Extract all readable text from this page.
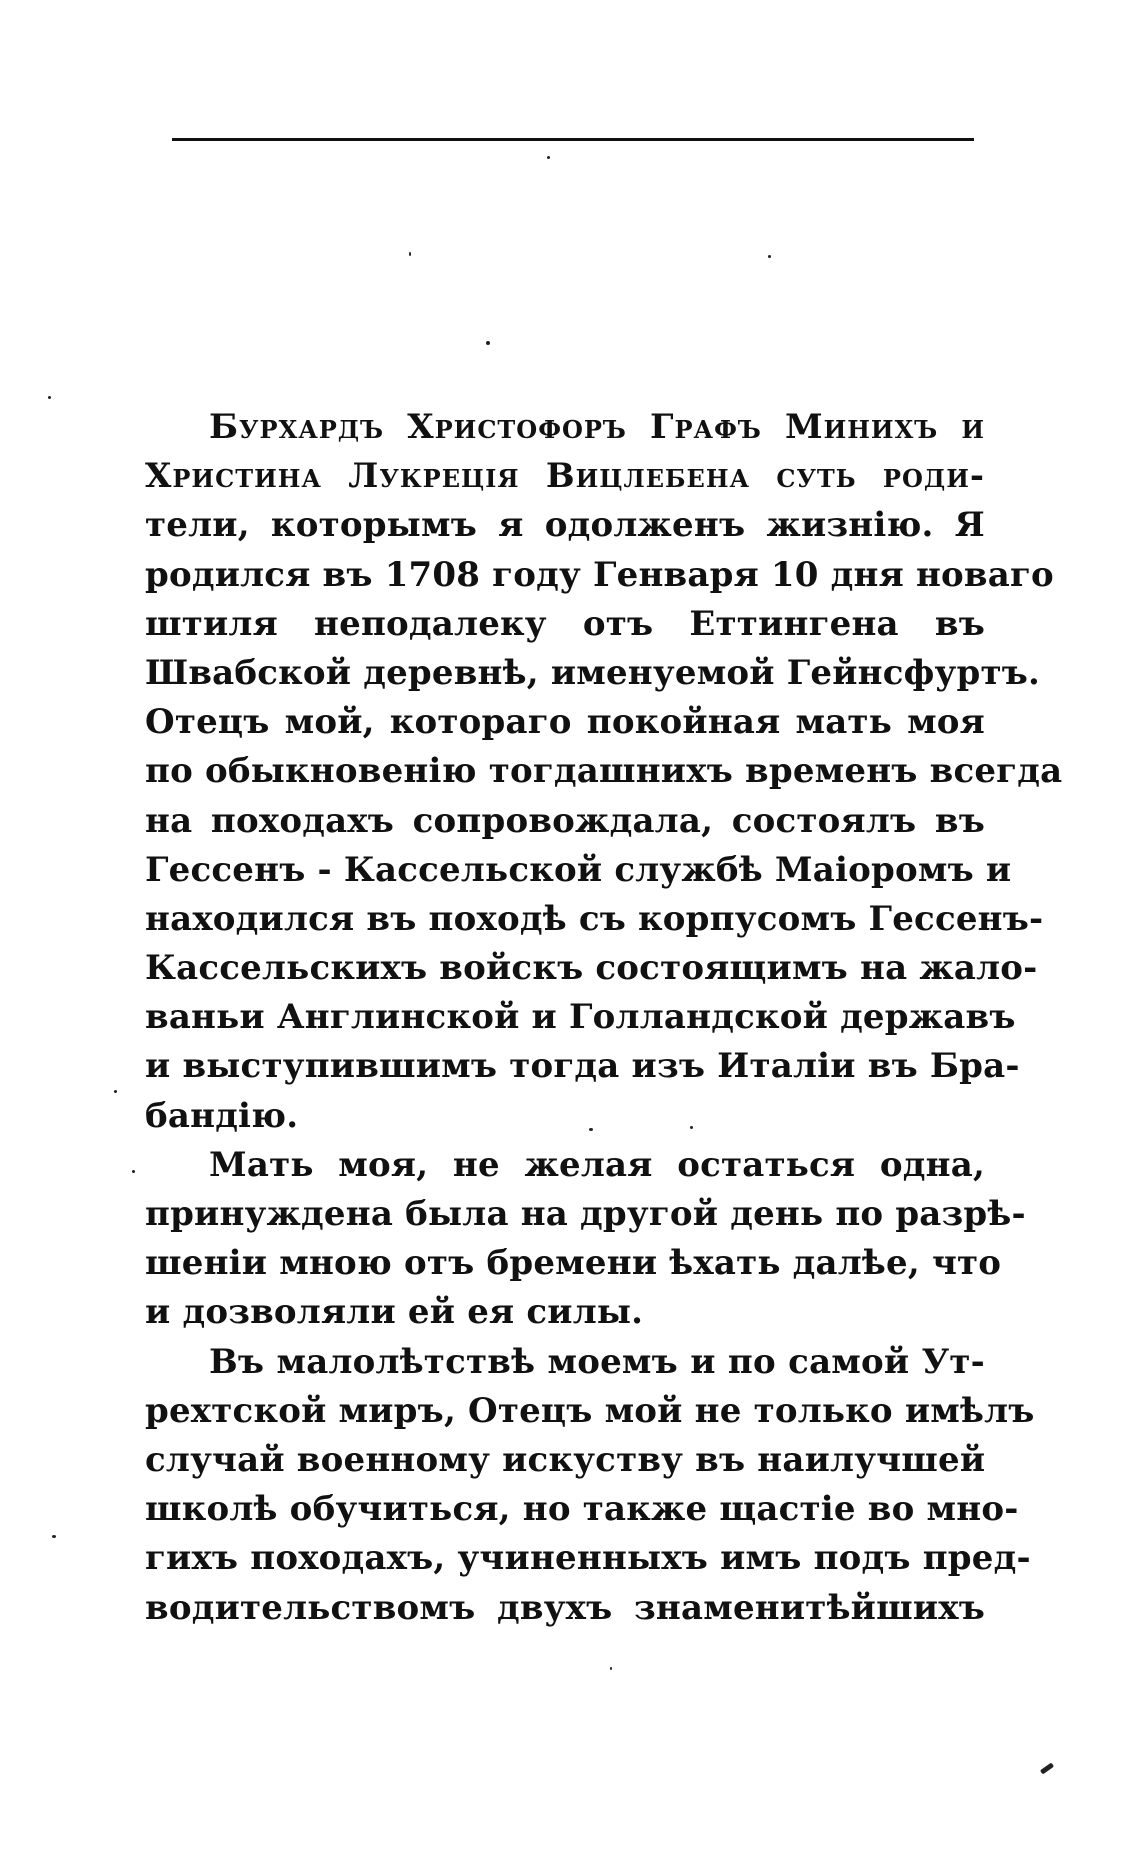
Бурхардъ Христофоръ Графъ Минихъ и
Христина Лукреція Вицлебена суть роди-
тели, которымъ я одолженъ жизнію. Я
родился въ 1708 году Генваря 10 дня новаго
штиля неподалеку отъ Еттингена въ
Швабской деревнѣ, именуемой Гейнсфуртъ.
Отецъ мой, котораго покойная мать моя
по обыкновенію тогдашнихъ временъ всегда
на походахъ сопровождала, состоялъ въ
Гессенъ - Кассельской службѣ Маіоромъ и
находился въ походѣ съ корпусомъ Гессенъ-
Кассельскихъ войскъ состоящимъ на жало-
ваньи Англинской и Голландской державъ
и выступившимъ тогда изъ Италіи въ Бра-
бандію.
Мать моя, не желая остаться одна,
принуждена была на другой день по разрѣ-
шеніи мною отъ бремени ѣхать далѣе, что
и дозволяли ей ея силы.
Въ малолѣтствѣ моемъ и по самой Ут-
рехтской миръ, Отецъ мой не только имѣлъ
случай военному искуству въ наилучшей
школѣ обучиться, но также щастіе во мно-
гихъ походахъ, учиненныхъ имъ подъ пред-
водительствомъ двухъ знаменитѣйшихъ
